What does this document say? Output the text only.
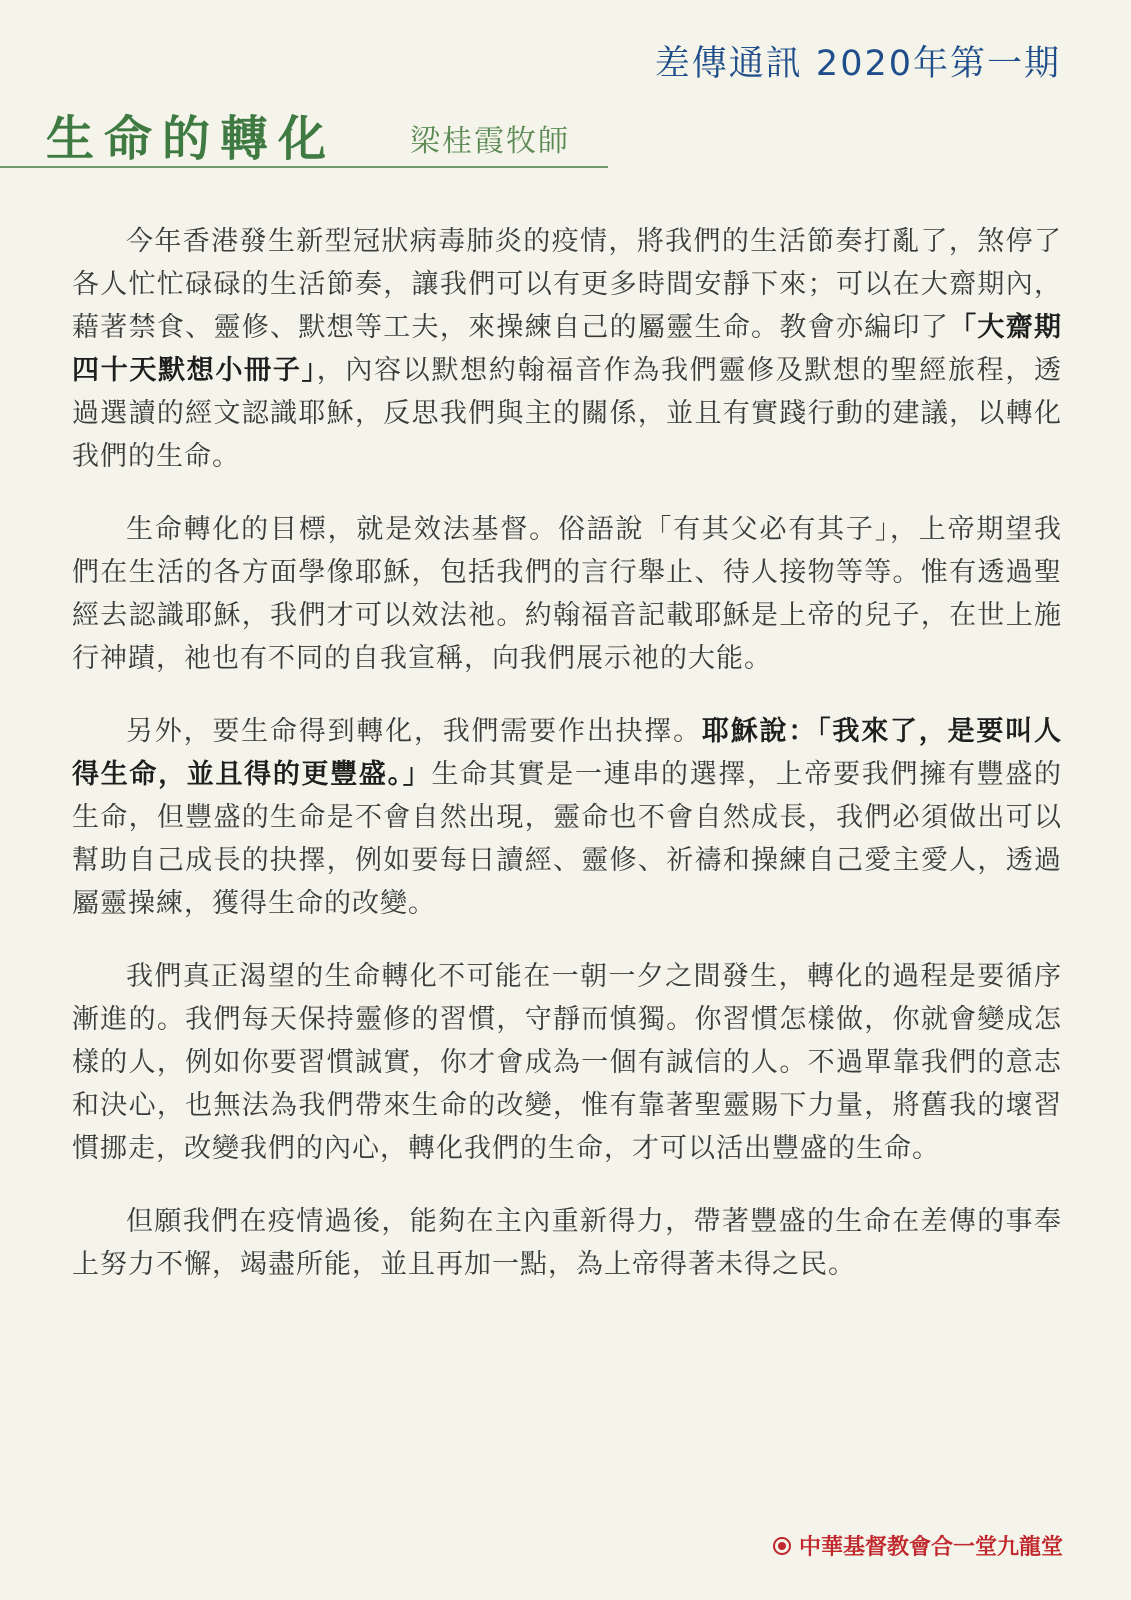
差傳通訊 2020年第一期
生命的轉化 梁桂霞牧師

今年香港發生新型冠狀病毒肺炎的疫情，將我們的生活節奏打亂了，煞停了各人忙忙碌碌的生活節奏，讓我們可以有更多時間安靜下來；可以在大齋期內，藉著禁食、靈修、默想等工夫，來操練自己的屬靈生命。教會亦編印了「大齋期四十天默想小冊子」，內容以默想約翰福音作為我們靈修及默想的聖經旅程，透過選讀的經文認識耶穌，反思我們與主的關係，並且有實踐行動的建議，以轉化我們的生命。

生命轉化的目標，就是效法基督。俗語說「有其父必有其子」，上帝期望我們在生活的各方面學像耶穌，包括我們的言行舉止、待人接物等等。惟有透過聖經去認識耶穌，我們才可以效法祂。約翰福音記載耶穌是上帝的兒子，在世上施行神蹟，祂也有不同的自我宣稱，向我們展示祂的大能。

另外，要生命得到轉化，我們需要作出抉擇。耶穌說：「我來了，是要叫人得生命，並且得的更豐盛。」生命其實是一連串的選擇，上帝要我們擁有豐盛的生命，但豐盛的生命是不會自然出現，靈命也不會自然成長，我們必須做出可以幫助自己成長的抉擇，例如要每日讀經、靈修、祈禱和操練自己愛主愛人，透過屬靈操練，獲得生命的改變。

我們真正渴望的生命轉化不可能在一朝一夕之間發生，轉化的過程是要循序漸進的。我們每天保持靈修的習慣，守靜而慎獨。你習慣怎樣做，你就會變成怎樣的人，例如你要習慣誠實，你才會成為一個有誠信的人。不過單靠我們的意志和決心，也無法為我們帶來生命的改變，惟有靠著聖靈賜下力量，將舊我的壞習慣挪走，改變我們的內心，轉化我們的生命，才可以活出豐盛的生命。

但願我們在疫情過後，能夠在主內重新得力，帶著豐盛的生命在差傳的事奉上努力不懈，竭盡所能，並且再加一點，為上帝得著未得之民。

中華基督教會合一堂九龍堂
